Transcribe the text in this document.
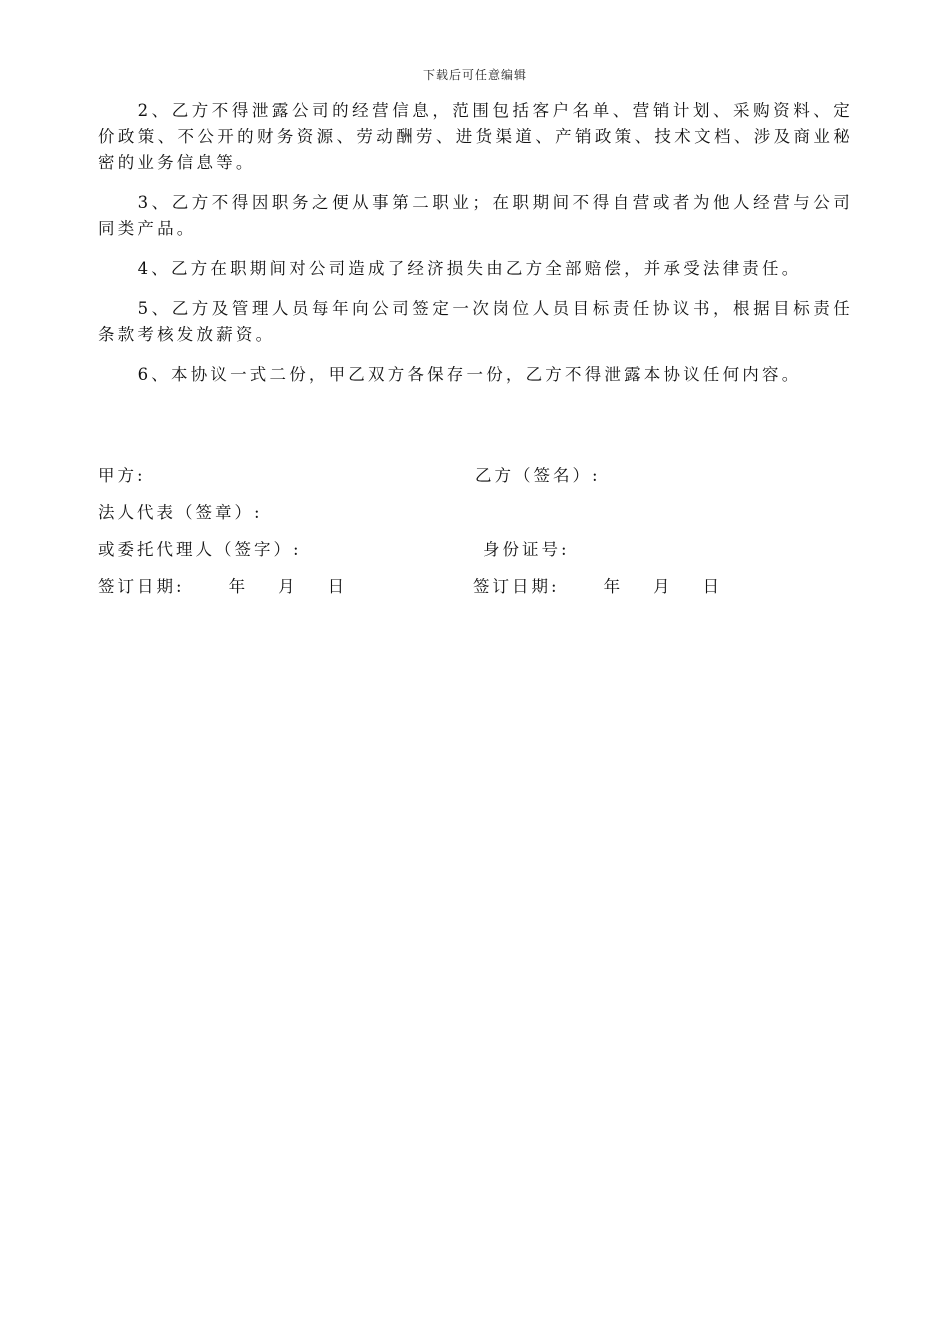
下载后可任意编辑

2、乙方不得泄露公司的经营信息，范围包括客户名单、营销计划、采购资料、定价政策、不公开的财务资源、劳动酬劳、进货渠道、产销政策、技术文档、涉及商业秘密的业务信息等。

3、乙方不得因职务之便从事第二职业；在职期间不得自营或者为他人经营与公司同类产品。

4、乙方在职期间对公司造成了经济损失由乙方全部赔偿，并承受法律责任。

5、乙方及管理人员每年向公司签定一次岗位人员目标责任协议书，根据目标责任条款考核发放薪资。

6、本协议一式二份，甲乙双方各保存一份，乙方不得泄露本协议任何内容。

甲方:	乙方（签名）:
法人代表（签章）:
或委托代理人（签字）:	身份证号:
签订日期:	年 月 日	签订日期:	年 月 日
